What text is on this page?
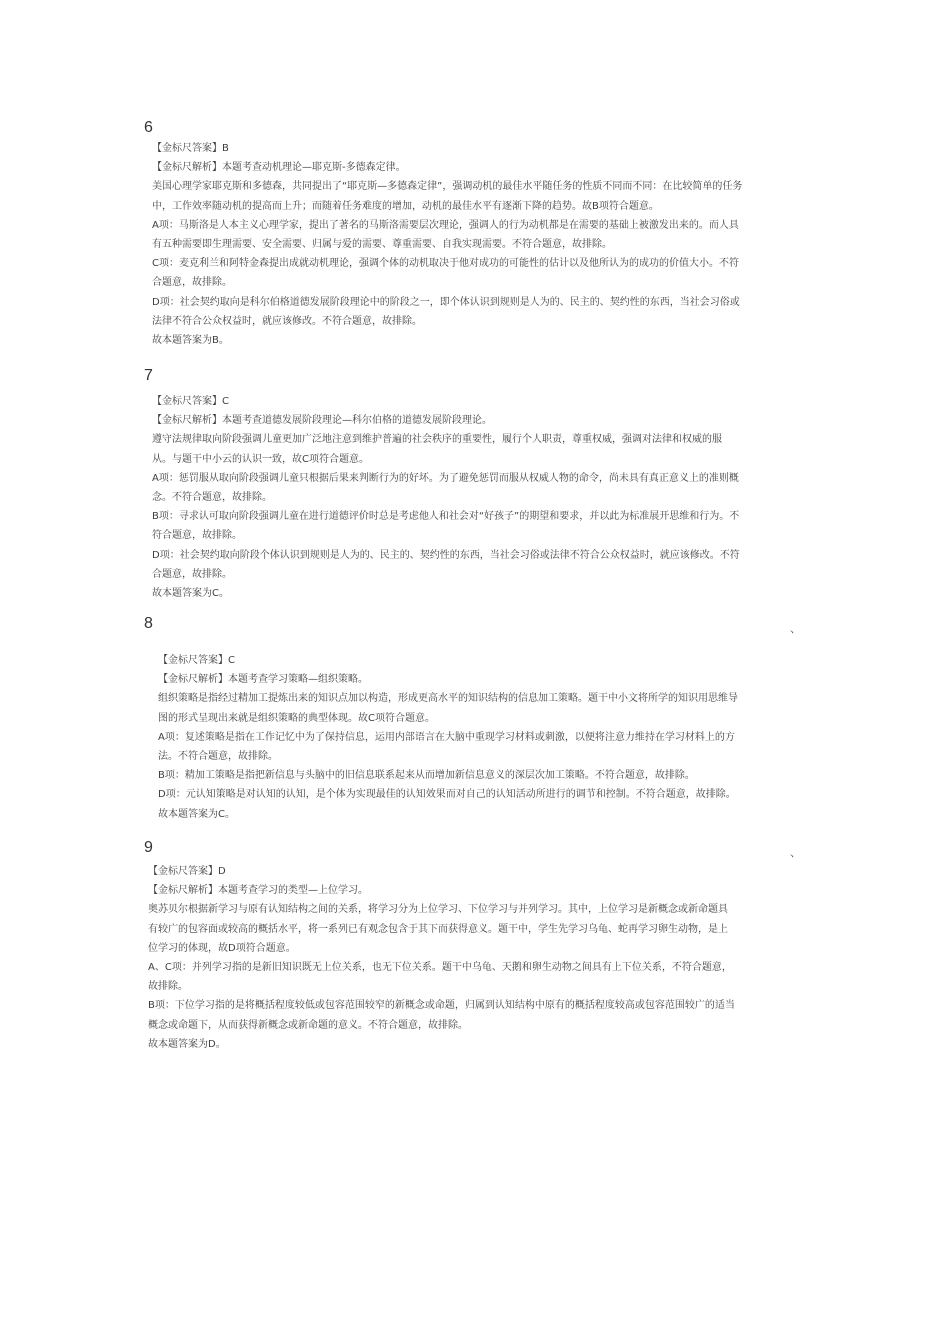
6
【金标尺答案】B
【金标尺解析】本题考查动机理论—耶克斯-多德森定律。
美国心理学家耶克斯和多德森，共同提出了“耶克斯—多德森定律”，强调动机的最佳水平随任务的性质不同而不同：在比较简单的任务
中，工作效率随动机的提高而上升；而随着任务难度的增加，动机的最佳水平有逐渐下降的趋势。故B项符合题意。
A项：马斯洛是人本主义心理学家，提出了著名的马斯洛需要层次理论，强调人的行为动机都是在需要的基础上被激发出来的。而人具
有五种需要即生理需要、安全需要、归属与爱的需要、尊重需要、自我实现需要。不符合题意，故排除。
C项：麦克利兰和阿特金森提出成就动机理论，强调个体的动机取决于他对成功的可能性的估计以及他所认为的成功的价值大小。不符
合题意，故排除。
D项：社会契约取向是科尔伯格道德发展阶段理论中的阶段之一，即个体认识到规则是人为的、民主的、契约性的东西，当社会习俗或
法律不符合公众权益时，就应该修改。不符合题意，故排除。
故本题答案为B。
7
【金标尺答案】C
【金标尺解析】本题考查道德发展阶段理论—科尔伯格的道德发展阶段理论。
遵守法规律取向阶段强调儿童更加广泛地注意到维护普遍的社会秩序的重要性，履行个人职责，尊重权威，强调对法律和权威的服
从。与题干中小云的认识一致，故C项符合题意。
A项：惩罚服从取向阶段强调儿童只根据后果来判断行为的好坏。为了避免惩罚而服从权威人物的命令，尚未具有真正意义上的准则概
念。不符合题意，故排除。
B项：寻求认可取向阶段强调儿童在进行道德评价时总是考虑他人和社会对“好孩子”的期望和要求，并以此为标准展开思维和行为。不
符合题意，故排除。
D项：社会契约取向阶段个体认识到规则是人为的、民主的、契约性的东西，当社会习俗或法律不符合公众权益时，就应该修改。不符
合题意，故排除。
故本题答案为C。
8	、
【金标尺答案】C
【金标尺解析】本题考查学习策略—组织策略。
组织策略是指经过精加工提炼出来的知识点加以构造，形成更高水平的知识结构的信息加工策略。题干中小文将所学的知识用思维导
图的形式呈现出来就是组织策略的典型体现。故C项符合题意。
A项：复述策略是指在工作记忆中为了保持信息，运用内部语言在大脑中重现学习材料或刺激，以便将注意力维持在学习材料上的方
法。不符合题意，故排除。
B项：精加工策略是指把新信息与头脑中的旧信息联系起来从而增加新信息意义的深层次加工策略。不符合题意，故排除。
D项：元认知策略是对认知的认知，是个体为实现最佳的认知效果而对自己的认知活动所进行的调节和控制。不符合题意，故排除。
故本题答案为C。
9	、
【金标尺答案】D
【金标尺解析】本题考查学习的类型—上位学习。
奥苏贝尔根据新学习与原有认知结构之间的关系，将学习分为上位学习、下位学习与并列学习。其中，上位学习是新概念或新命题具
有较广的包容面或较高的概括水平，将一系列已有观念包含于其下而获得意义。题干中，学生先学习乌龟、蛇再学习卵生动物，是上
位学习的体现，故D项符合题意。
A、C项：并列学习指的是新旧知识既无上位关系，也无下位关系。题干中乌龟、天鹅和卵生动物之间具有上下位关系，不符合题意，
故排除。
B项：下位学习指的是将概括程度较低或包容范围较窄的新概念或命题，归属到认知结构中原有的概括程度较高或包容范围较广的适当
概念或命题下，从而获得新概念或新命题的意义。不符合题意，故排除。
故本题答案为D。
